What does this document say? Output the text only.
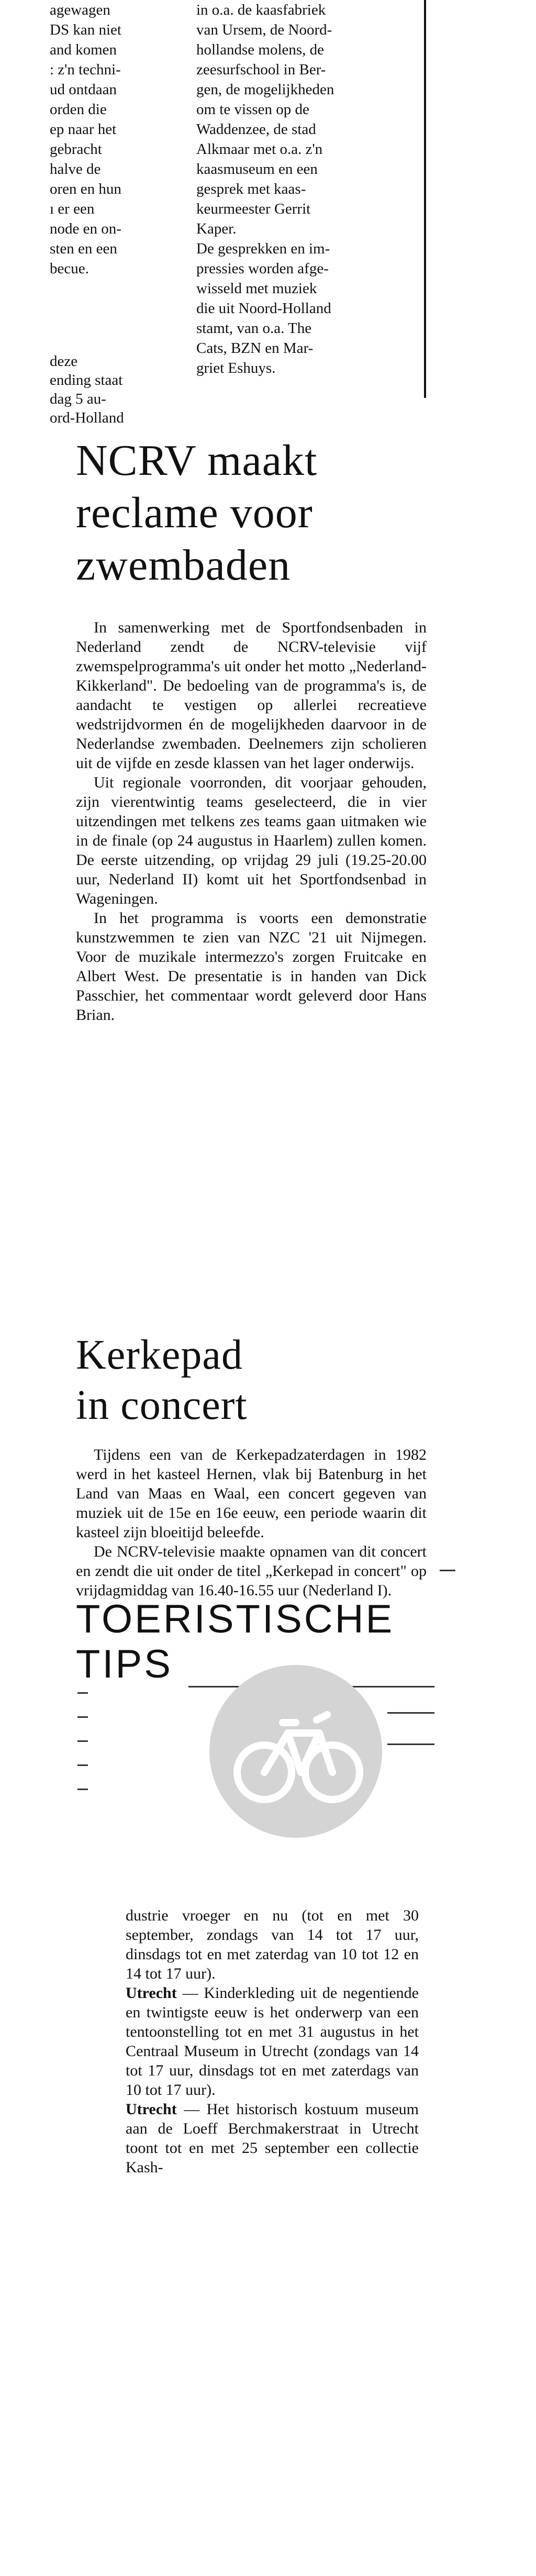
agewagen
DS kan niet
and komen
: z'n techni-
ud ontdaan
orden die
ep naar het
gebracht
halve de
oren en hun
ı er een
node en on-
sten en een
becue.
deze
ending staat
dag 5 au-
ord-Holland
in o.a. de kaasfabriek
van Ursem, de Noord-
hollandse molens, de
zeesurfschool in Ber-
gen, de mogelijkheden
om te vissen op de
Waddenzee, de stad
Alkmaar met o.a. z'n
kaasmuseum en een
gesprek met kaas-
keurmeester Gerrit
Kaper.
De gesprekken en im-
pressies worden afge-
wisseld met muziek
die uit Noord-Holland
stamt, van o.a. The
Cats, BZN en Mar-
griet Eshuys.
NCRV maakt
reclame voor
zwembaden

In samenwerking met de Sportfondsenbaden in Nederland zendt de NCRV-televisie vijf zwemspelprogramma's uit onder het motto „Nederland-Kikkerland". De bedoeling van de programma's is, de aandacht te vestigen op allerlei recreatieve wedstrijdvormen én de mogelijkheden daarvoor in de Nederlandse zwembaden. Deelnemers zijn scholieren uit de vijfde en zesde klassen van het lager onderwijs.

Uit regionale voorronden, dit voorjaar gehouden, zijn vierentwintig teams geselecteerd, die in vier uitzendingen met telkens zes teams gaan uitmaken wie in de finale (op 24 augustus in Haarlem) zullen komen. De eerste uitzending, op vrijdag 29 juli (19.25-20.00 uur, Nederland II) komt uit het Sportfondsenbad in Wageningen.

In het programma is voorts een demonstratie kunstzwemmen te zien van NZC '21 uit Nijmegen. Voor de muzikale intermezzo's zorgen Fruitcake en Albert West. De presentatie is in handen van Dick Passchier, het commentaar wordt geleverd door Hans Brian.

Kerkepad
in concert

Tijdens een van de Kerkepadzaterdagen in 1982 werd in het kasteel Hernen, vlak bij Batenburg in het Land van Maas en Waal, een concert gegeven van muziek uit de 15e en 16e eeuw, een periode waarin dit kasteel zijn bloeitijd beleefde.

De NCRV-televisie maakte opnamen van dit concert en zendt die uit onder de titel „Kerkepad in concert" op vrijdagmiddag van 16.40-16.55 uur (Nederland I).

TOERISTISCHE
TIPS

dustrie vroeger en nu (tot en met 30 september, zondags van 14 tot 17 uur, dinsdags tot en met zaterdag van 10 tot 12 en 14 tot 17 uur).

Utrecht — Kinderkleding uit de negentiende en twintigste eeuw is het onderwerp van een tentoonstelling tot en met 31 augustus in het Centraal Museum in Utrecht (zondags van 14 tot 17 uur, dinsdags tot en met zaterdags van 10 tot 17 uur).

Utrecht — Het historisch kostuum museum aan de Loeff Berchmakerstraat in Utrecht toont tot en met 25 september een collectie Kash-
